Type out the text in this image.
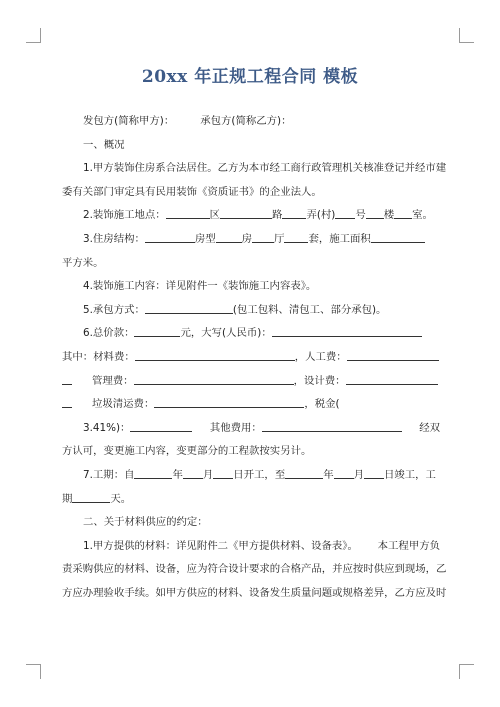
20xx 年正规工程合同 模板
发包方(简称甲方)：	承包方(简称乙方)：
一、概况
1.甲方装饰住房系合法居住。乙方为本市经工商行政管理机关核准登记并经市建
委有关部门审定具有民用装饰《资质证书》的企业法人。
2.装饰施工地点：	区	路 弄(村) 号 楼 室。
3.住房结构：	房型	房 厅 套，施工面积
平方米。
4.装饰施工内容：详见附件一《装饰施工内容表》。
5.承包方式：	(包工包料、清包工、部分承包)。
6.总价款：	元，大写(人民币)：
其中：材料费：	，人工费：
管理费：	，设计费：
垃圾清运费：	，税金(
3.41%)：	其他费用：	经双
方认可，变更施工内容，变更部分的工程款按实另计。
7.工期：自	年 月 日开工，至	年 月 日竣工，工
期	天。
二、关于材料供应的约定：
1.甲方提供的材料：详见附件二《甲方提供材料、设备表》。 本工程甲方负
责采购供应的材料、设备，应为符合设计要求的合格产品，并应按时供应到现场，乙
方应办理验收手续。如甲方供应的材料、设备发生质量问题或规格差异，乙方应及时
